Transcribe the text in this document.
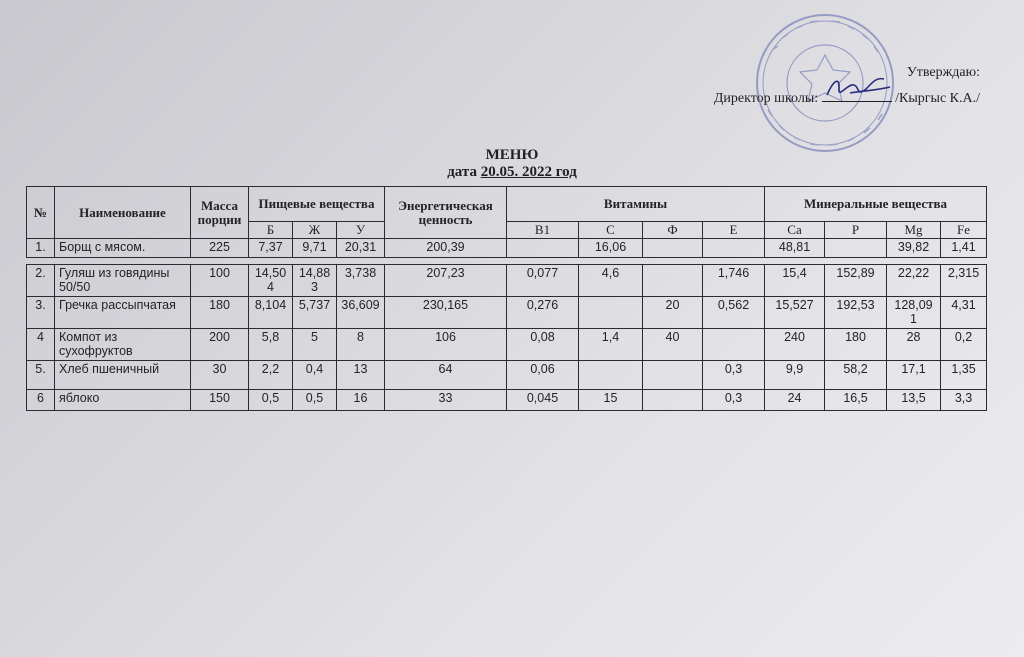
Утверждаю:
Директор школы:	/Кыргыс К.А./
МЕНЮ
дата 20.05. 2022 год
№	Наименование	Масса порции	Пищевые вещества			Энергетическая ценность	Витамины				Минеральные вещества			
			Б	Ж	У		B1	C	Ф	E	Ca	P	Mg	Fe
1.	Борщ с мясом.	225	7,37	9,71	20,31	200,39		16,06			48,81		39,82	1,41

2.	Гуляш из говядины 50/50	100	14,504	14,883	3,738	207,23	0,077	4,6		1,746	15,4	152,89	22,22	2,315
3.	Гречка рассыпчатая	180	8,104	5,737	36,609	230,165	0,276		20	0,562	15,527	192,53	128,091	4,31
4	Компот из сухофруктов	200	5,8	5	8	106	0,08	1,4	40		240	180	28	0,2
5.	Хлеб пшеничный	30	2,2	0,4	13	64	0,06			0,3	9,9	58,2	17,1	1,35
6	яблоко	150	0,5	0,5	16	33	0,045	15		0,3	24	16,5	13,5	3,3
